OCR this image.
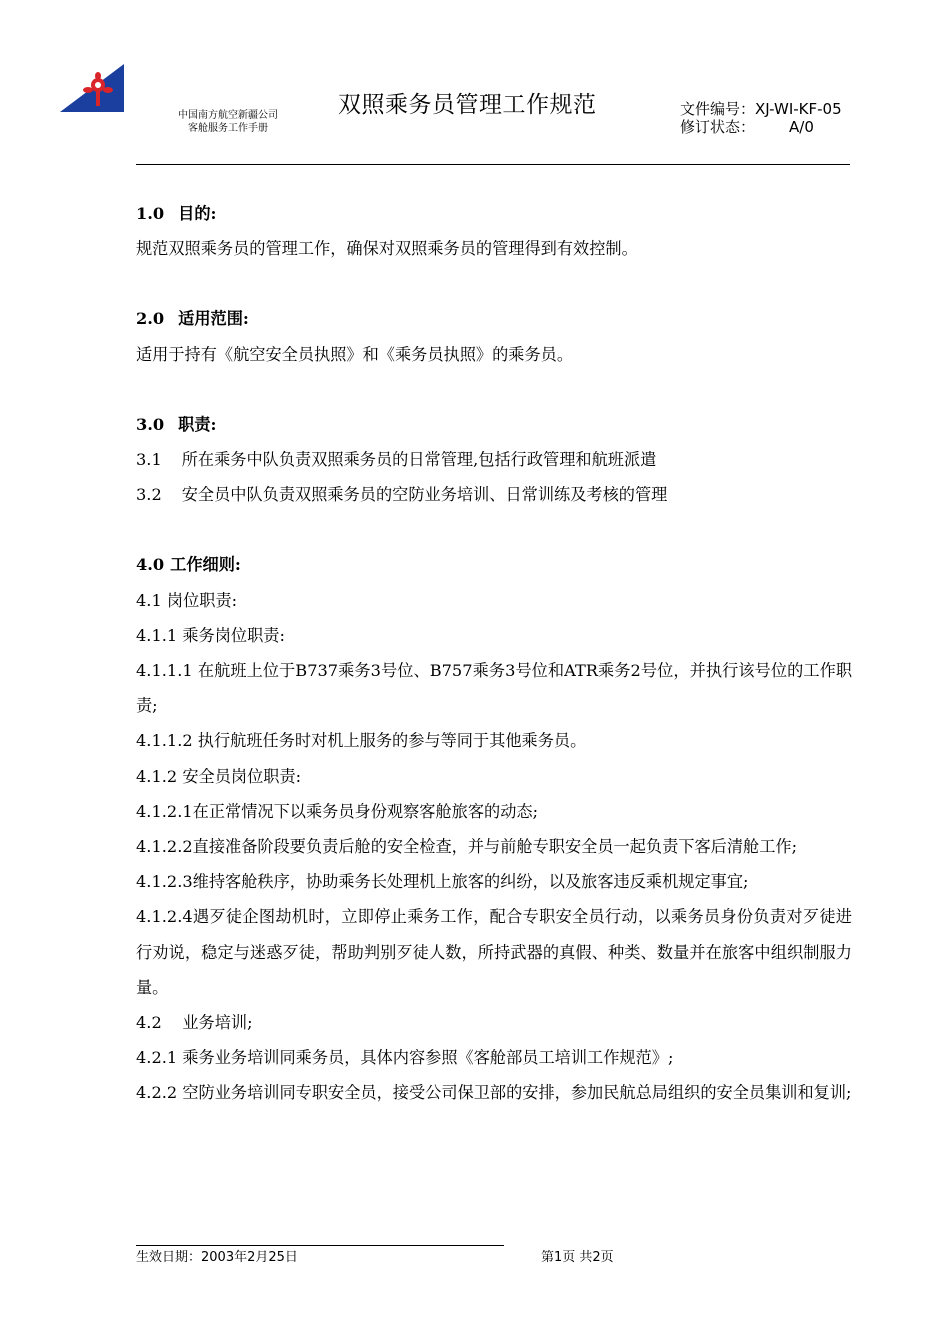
中国南方航空新疆公司
客舱服务工作手册
双照乘务员管理工作规范	文件编号：XJ-WI-KF-05
修订状态： A/0

1.0 目的:

规范双照乘务员的管理工作，确保对双照乘务员的管理得到有效控制。

2.0 适用范围:

适用于持有《航空安全员执照》和《乘务员执照》的乘务员。

3.0 职责:

3.1 所在乘务中队负责双照乘务员的日常管理,包括行政管理和航班派遣

3.2 安全员中队负责双照乘务员的空防业务培训、日常训练及考核的管理

4.0 工作细则:

4.1 岗位职责:

4.1.1 乘务岗位职责:

4.1.1.1 在航班上位于B737乘务3号位、B757乘务3号位和ATR乘务2号位，并执行该号位的工作职责;

4.1.1.2 执行航班任务时对机上服务的参与等同于其他乘务员。

4.1.2 安全员岗位职责:

4.1.2.1在正常情况下以乘务员身份观察客舱旅客的动态;

4.1.2.2直接准备阶段要负责后舱的安全检查，并与前舱专职安全员一起负责下客后清舱工作;

4.1.2.3维持客舱秩序，协助乘务长处理机上旅客的纠纷，以及旅客违反乘机规定事宜;

4.1.2.4遇歹徒企图劫机时，立即停止乘务工作，配合专职安全员行动，以乘务员身份负责对歹徒进行劝说，稳定与迷惑歹徒，帮助判别歹徒人数，所持武器的真假、种类、数量并在旅客中组织制服力量。

4.2    业务培训;

4.2.1 乘务业务培训同乘务员，具体内容参照《客舱部员工培训工作规范》;

4.2.2 空防业务培训同专职安全员，接受公司保卫部的安排，参加民航总局组织的安全员集训和复训;

生效日期：2003年2月25日	第1页 共2页
